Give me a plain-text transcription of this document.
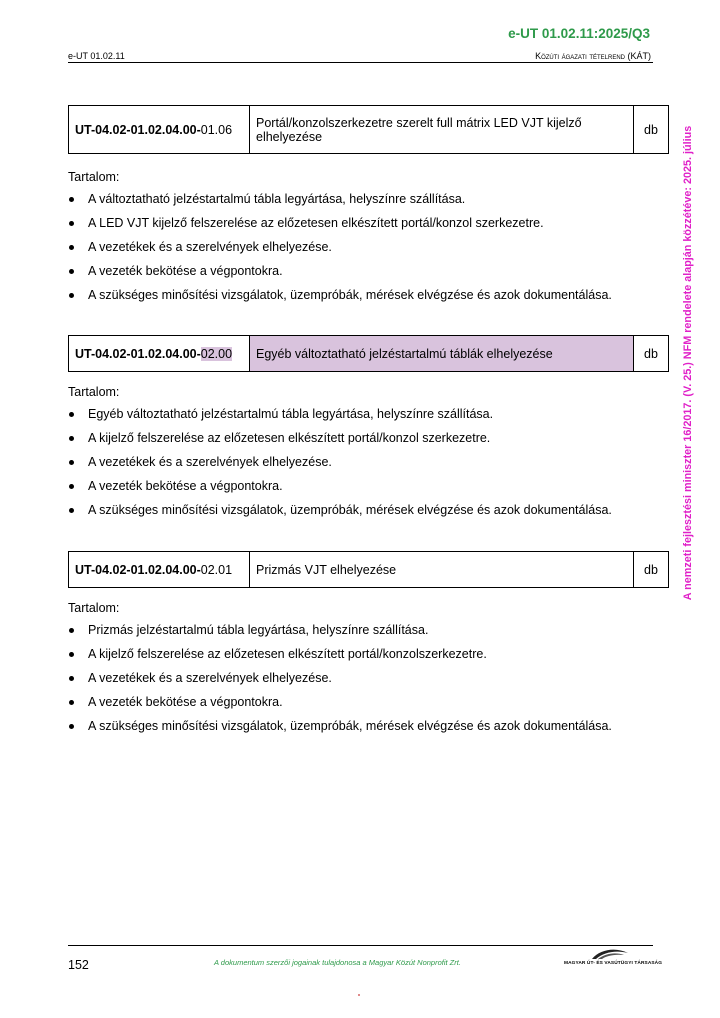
e-UT 01.02.11:2025/Q3
e-UT 01.02.11	Közúti ágazati tételrend (KÁT)
A nemzeti fejlesztési miniszter 16/2017. (V. 25.) NFM rendelete alapján közzétéve: 2025. július
UT-04.02-01.02.04.00-01.06	Portál/konzolszerkezetre szerelt full mátrix LED VJT kijelző elhelyezése	db
Tartalom:
A változtatható jelzéstartalmú tábla legyártása, helyszínre szállítása.
A LED VJT kijelző felszerelése az előzetesen elkészített portál/konzol szerkezetre.
A vezetékek és a szerelvények elhelyezése.
A vezeték bekötése a végpontokra.
A szükséges minősítési vizsgálatok, üzempróbák, mérések elvégzése és azok dokumentálása.
UT-04.02-01.02.04.00-02.00	Egyéb változtatható jelzéstartalmú táblák elhelyezése	db
Tartalom:
Egyéb változtatható jelzéstartalmú tábla legyártása, helyszínre szállítása.
A kijelző felszerelése az előzetesen elkészített portál/konzol szerkezetre.
A vezetékek és a szerelvények elhelyezése.
A vezeték bekötése a végpontokra.
A szükséges minősítési vizsgálatok, üzempróbák, mérések elvégzése és azok dokumentálása.
UT-04.02-01.02.04.00-02.01	Prizmás VJT elhelyezése	db
Tartalom:
Prizmás jelzéstartalmú tábla legyártása, helyszínre szállítása.
A kijelző felszerelése az előzetesen elkészített portál/konzolszerkezetre.
A vezetékek és a szerelvények elhelyezése.
A vezeték bekötése a végpontokra.
A szükséges minősítési vizsgálatok, üzempróbák, mérések elvégzése és azok dokumentálása.
152	A dokumentum szerzői jogainak tulajdonosa a Magyar Közút Nonprofit Zrt.	MAGYAR ÚT- ÉS VASÚTÜGYI TÁRSASÁG
